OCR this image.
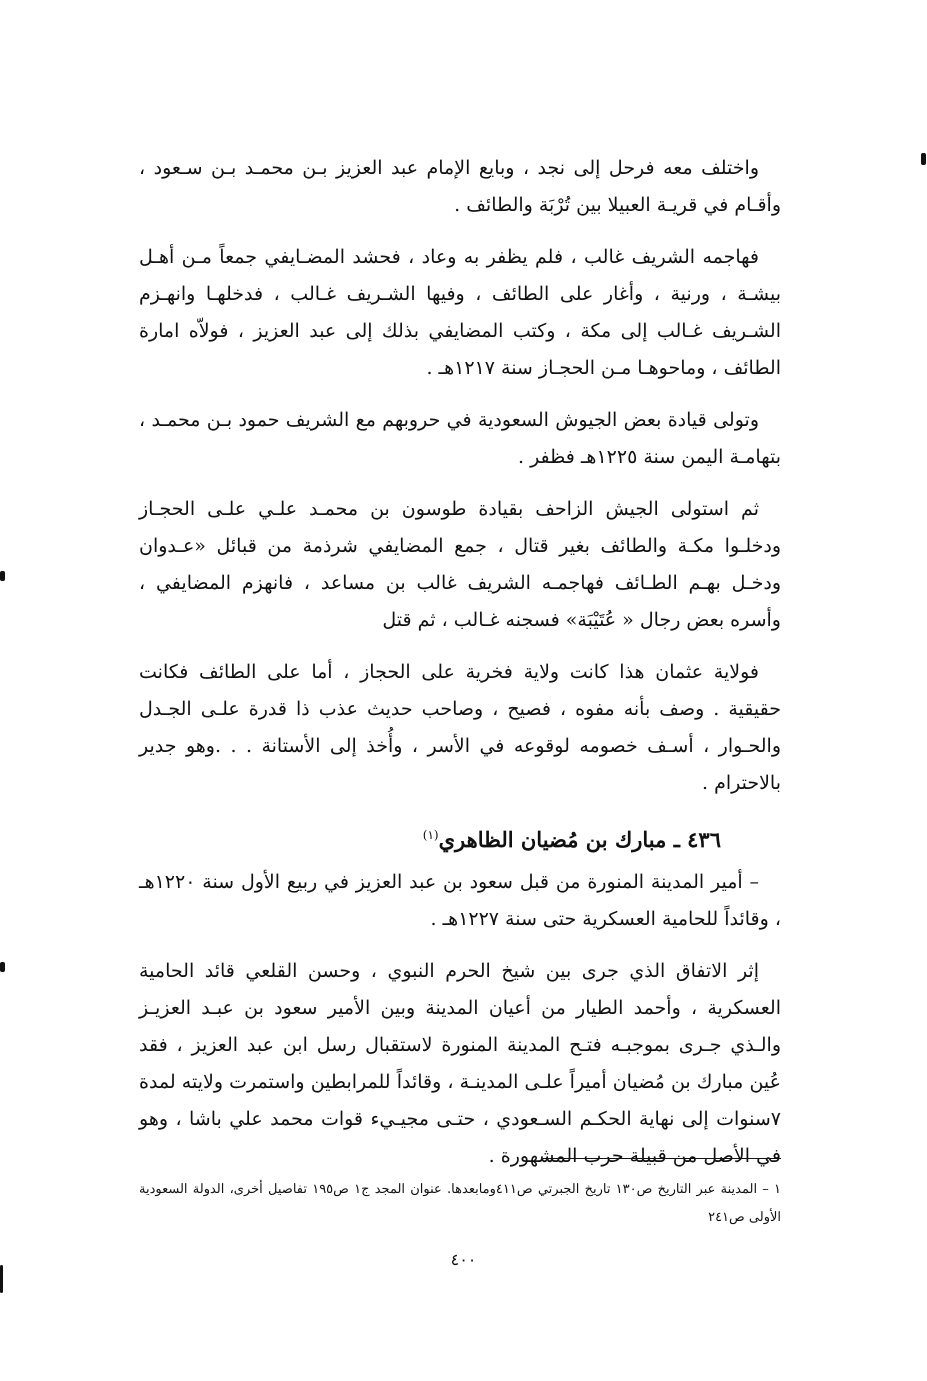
واختلف معه فرحل إلى نجد ، وبايع الإمام عبد العزيز بـن محمـد بـن سـعود ، وأقـام في قريـة العبيلا بين تُرْبَة والطائف .

فهاجمه الشريف غالب ، فلم يظفر به وعاد ، فحشد المضـايفي جمعاً مـن أهـل بيشـة ، ورنية ، وأغار على الطائف ، وفيها الشـريف غـالب ، فدخلهـا وانهـزم الشـريف غـالب إلى مكة ، وكتب المضايفي بذلك إلى عبد العزيز ، فولاّه امارة الطائف ، وماحوهـا مـن الحجـاز سنة ١٢١٧هـ .

وتولى قيادة بعض الجيوش السعودية في حروبهم مع الشريف حمود بـن محمـد ، بتهامـة اليمن سنة ١٢٢٥هـ فظفر .

ثم استولى الجيش الزاحف بقيادة طوسون بن محمـد علـي علـى الحجـاز ودخلـوا مكـة والطائف بغير قتال ، جمع المضايفي شرذمة من قبائل «عـدوان ودخـل بهـم الطـائف فهاجمـه الشريف غالب بن مساعد ، فانهزم المضايفي ، وأسره بعض رجال « عُتَيْبَة» فسجنه غـالب ، ثم قتل

فولاية عثمان هذا كانت ولاية فخرية على الحجاز ، أما على الطائف فكانت حقيقية . وصف بأنه مفوه ، فصيح ، وصاحب حديث عذب ذا قدرة علـى الجـدل والحـوار ، أسـف خصومه لوقوعه في الأسر ، وأُخذ إلى الأستانة . . .وهو جدير بالاحترام .

٤٣٦ ـ مبارك بن مُضيان الظاهري$^{(١)}$

– أمير المدينة المنورة من قبل سعود بن عبد العزيز في ربيع الأول سنة ١٢٢٠هـ ، وقائداً للحامية العسكرية حتى سنة ١٢٢٧هـ .

إثر الاتفاق الذي جرى بين شيخ الحرم النبوي ، وحسن القلعي قائد الحامية العسكرية ، وأحمد الطيار من أعيان المدينة وبين الأمير سعود بن عبـد العزيـز والـذي جـرى بموجبـه فتـح المدينة المنورة لاستقبال رسل ابن عبد العزيز ، فقد عُين مبارك بن مُضيان أميراً علـى المدينـة ، وقائداً للمرابطين واستمرت ولايته لمدة ٧سنوات إلى نهاية الحكـم السـعودي ، حتـى مجيـيء قوات محمد علي باشا ، وهو في الأصل من قبيلة حرب المشهورة .

١ – المدينة عبر التاريخ ص١٣٠ تاريخ الجبرتي ص٤١١ومابعدها. عنوان المجد ج١ ص١٩٥ تفاصيل أخرى، الدولة السعودية الأولى ص٢٤١

٤٠٠
